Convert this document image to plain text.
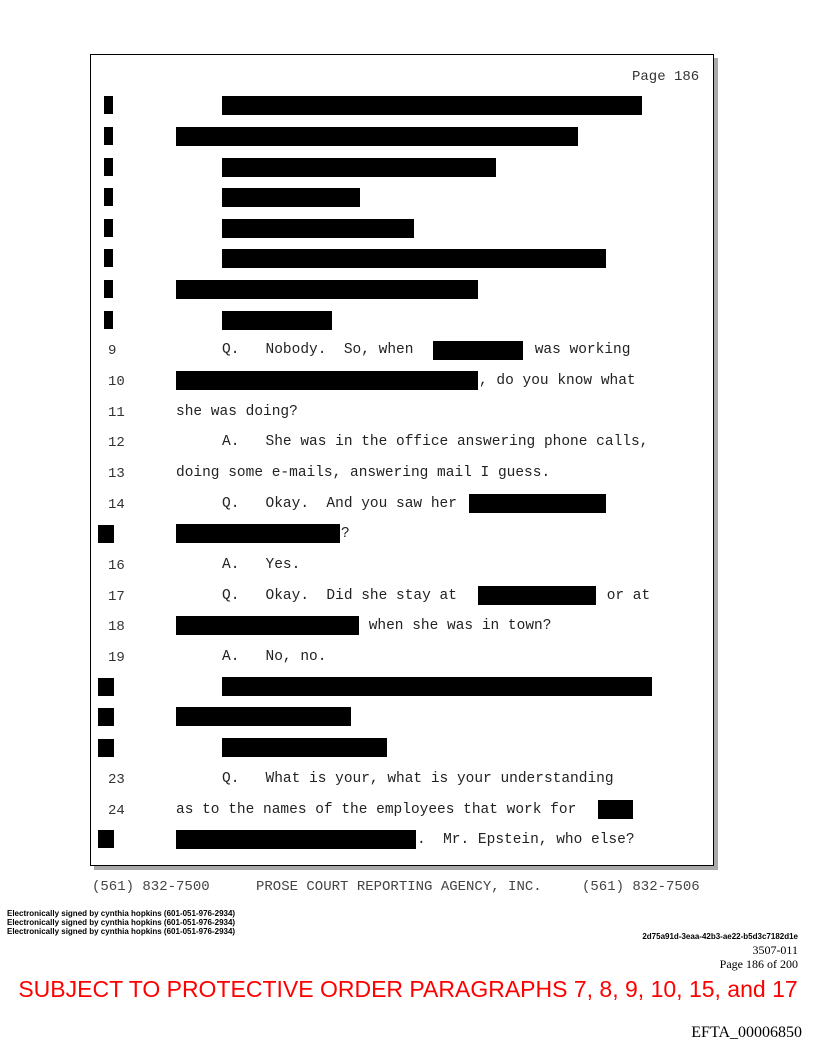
Page 186
9	Q.   Nobody.  So, when	was working
10	, do you know what
11	she was doing?
12	A.   She was in the office answering phone calls,
13	doing some e-mails, answering mail I guess.
14	Q.   Okay.  And you saw her
?
16	A.   Yes.
17	Q.   Okay.  Did she stay at	or at
18	when she was in town?
19	A.   No, no.
23	Q.   What is your, what is your understanding
24	as to the names of the employees that work for
.  Mr. Epstein, who else?
(561) 832-7500	PROSE COURT REPORTING AGENCY, INC.	(561) 832-7506
Electronically signed by cynthia hopkins (601-051-976-2934)
Electronically signed by cynthia hopkins (601-051-976-2934)
Electronically signed by cynthia hopkins (601-051-976-2934)
2d75a91d-3eaa-42b3-ae22-b5d3c7182d1e
3507-011
Page 186 of 200
SUBJECT TO PROTECTIVE ORDER PARAGRAPHS 7, 8, 9, 10, 15, and 17
EFTA_00006850
